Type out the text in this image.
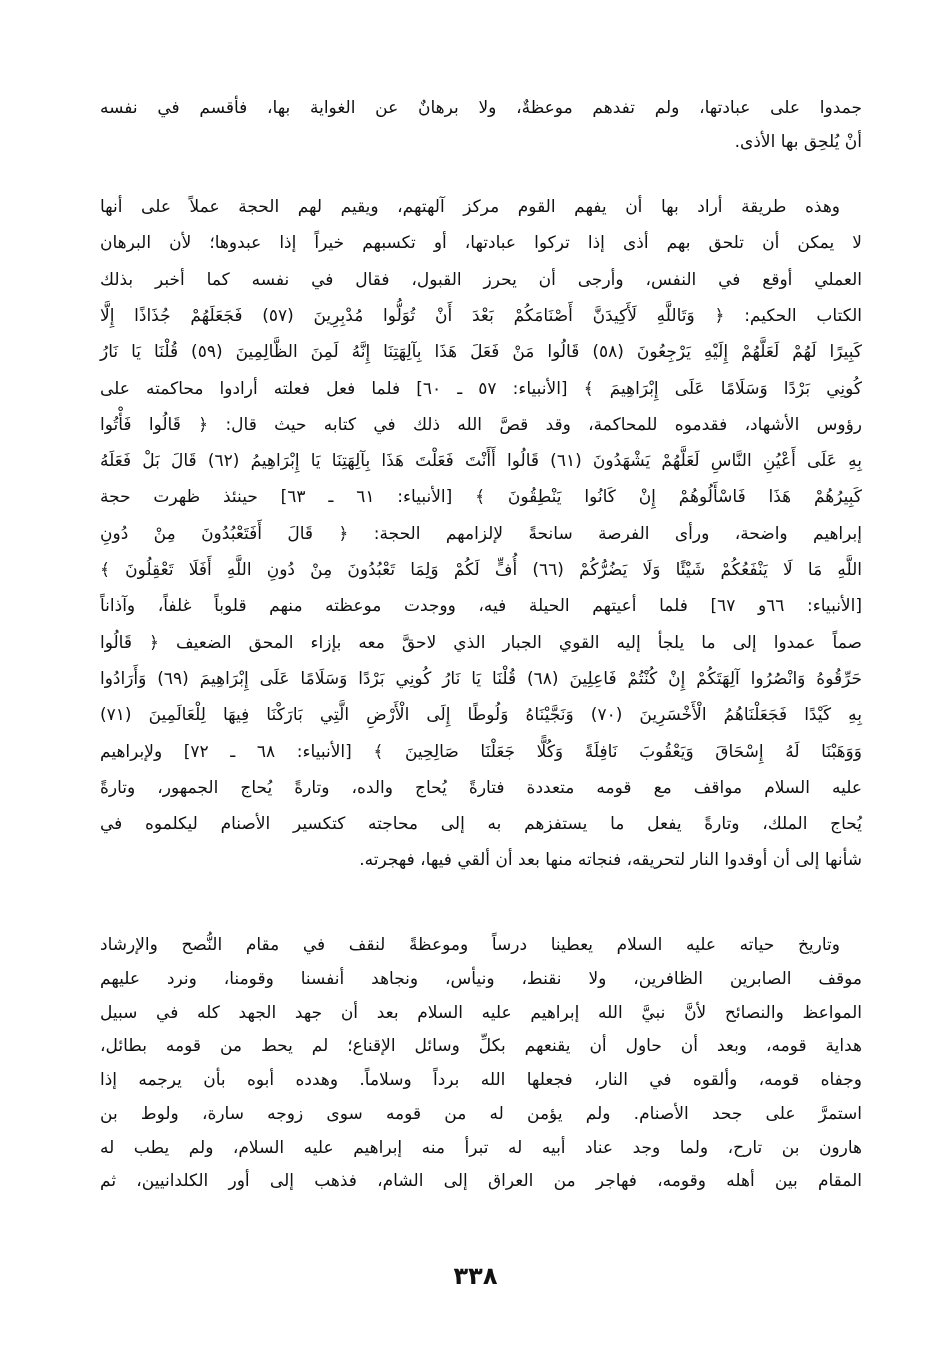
جمدوا على عبادتها، ولم تفدهم موعظةٌ، ولا برهانٌ عن الغواية بها، فأقسم في نفسه
أنْ يُلحِق بها الأذى.
وهذه طريقة أراد بها أن يفهم القوم مركز آلهتهم، ويقيم لهم الحجة عملاً على أنها
لا يمكن أن تلحق بهم أذى إذا تركوا عبادتها، أو تكسبهم خيراً إذا عبدوها؛ لأن البرهان
العملي أوقع في النفس، وأرجى أن يحرز القبول، فقال في نفسه كما أخبر بذلك
الكتاب الحكيم: ﴿ وَتَاللَّهِ لَأَكِيدَنَّ أَصْنَامَكُمْ بَعْدَ أَنْ تُوَلُّوا مُدْبِرِينَ (٥٧) فَجَعَلَهُمْ جُذَاذًا إِلَّا
كَبِيرًا لَهُمْ لَعَلَّهُمْ إِلَيْهِ يَرْجِعُونَ (٥٨) قَالُوا مَنْ فَعَلَ هَذَا بِآلِهَتِنَا إِنَّهُ لَمِنَ الظَّالِمِينَ (٥٩) قُلْنَا يَا نَارُ
كُونِي بَرْدًا وَسَلَامًا عَلَى إِبْرَاهِيمَ ﴾ [الأنبياء: ٥٧ ـ ٦٠] فلما فعل فعلته أرادوا محاكمته على
رؤوس الأشهاد، فقدموه للمحاكمة، وقد قصَّ الله ذلك في كتابه حيث قال: ﴿ قَالُوا فَأْتُوا
بِهِ عَلَى أَعْيُنِ النَّاسِ لَعَلَّهُمْ يَشْهَدُونَ (٦١) قَالُوا أَأَنْتَ فَعَلْتَ هَذَا بِآلِهَتِنَا يَا إِبْرَاهِيمُ (٦٢) قَالَ بَلْ فَعَلَهُ
كَبِيرُهُمْ هَذَا فَاسْأَلُوهُمْ إِنْ كَانُوا يَنْطِقُونَ ﴾ [الأنبياء: ٦١ ـ ٦٣] حينئذ ظهرت حجة
إبراهيم واضحة، ورأى الفرصة سانحةً لإلزامهم الحجة: ﴿ قَالَ أَفَتَعْبُدُونَ مِنْ دُونِ
اللَّهِ مَا لَا يَنْفَعُكُمْ شَيْئًا وَلَا يَضُرُّكُمْ (٦٦) أُفٍّ لَكُمْ وَلِمَا تَعْبُدُونَ مِنْ دُونِ اللَّهِ أَفَلَا تَعْقِلُونَ ﴾
[الأنبياء: ٦٦و ٦٧] فلما أعيتهم الحيلة فيه، ووجدت موعظته منهم قلوباً غلفاً، وآذاناً
صماً عمدوا إلى ما يلجأ إليه القوي الجبار الذي لاحقَّ معه بإزاء المحق الضعيف ﴿ قَالُوا
حَرِّقُوهُ وَانْصُرُوا آلِهَتَكُمْ إِنْ كُنْتُمْ فَاعِلِينَ (٦٨) قُلْنَا يَا نَارُ كُونِي بَرْدًا وَسَلَامًا عَلَى إِبْرَاهِيمَ (٦٩) وَأَرَادُوا
بِهِ كَيْدًا فَجَعَلْنَاهُمُ الْأَخْسَرِينَ (٧٠) وَنَجَّيْنَاهُ وَلُوطًا إِلَى الْأَرْضِ الَّتِي بَارَكْنَا فِيهَا لِلْعَالَمِينَ (٧١)
وَوَهَبْنَا لَهُ إِسْحَاقَ وَيَعْقُوبَ نَافِلَةً وَكُلًّا جَعَلْنَا صَالِحِينَ ﴾ [الأنبياء: ٦٨ ـ ٧٢] ولإبراهيم
عليه السلام مواقف مع قومه متعددة فتارةً يُحاج والده، وتارةً يُحاج الجمهور، وتارةً
يُحاج الملك، وتارةً يفعل ما يستفزهم به إلى محاجته كتكسير الأصنام ليكلموه في
شأنها إلى أن أوقدوا النار لتحريقه، فنجاته منها بعد أن ألقي فيها، فهجرته.
وتاريخ حياته عليه السلام يعطينا درساً وموعظةً لنقف في مقام النُّصح والإرشاد
موقف الصابرين الظافرين، ولا نقنط، ونيأس، ونجاهد أنفسنا وقومنا، ونرد عليهم
المواعظ والنصائح لأنَّ نبيَّ الله إبراهيم عليه السلام بعد أن جهد الجهد كله في سبيل
هداية قومه، وبعد أن حاول أن يقنعهم بكلِّ وسائل الإقناع؛ لم يحط من قومه بطائل،
وجفاه قومه، وألقوه في النار، فجعلها الله برداً وسلاماً. وهدده أبوه بأن يرجمه إذا
استمرَّ على جحد الأصنام. ولم يؤمن له من قومه سوى زوجه سارة، ولوط بن
هارون بن تارح، ولما وجد عناد أبيه له تبرأ منه إبراهيم عليه السلام، ولم يطب له
المقام بين أهله وقومه، فهاجر من العراق إلى الشام، فذهب إلى أور الكلدانيين، ثم
٣٣٨
